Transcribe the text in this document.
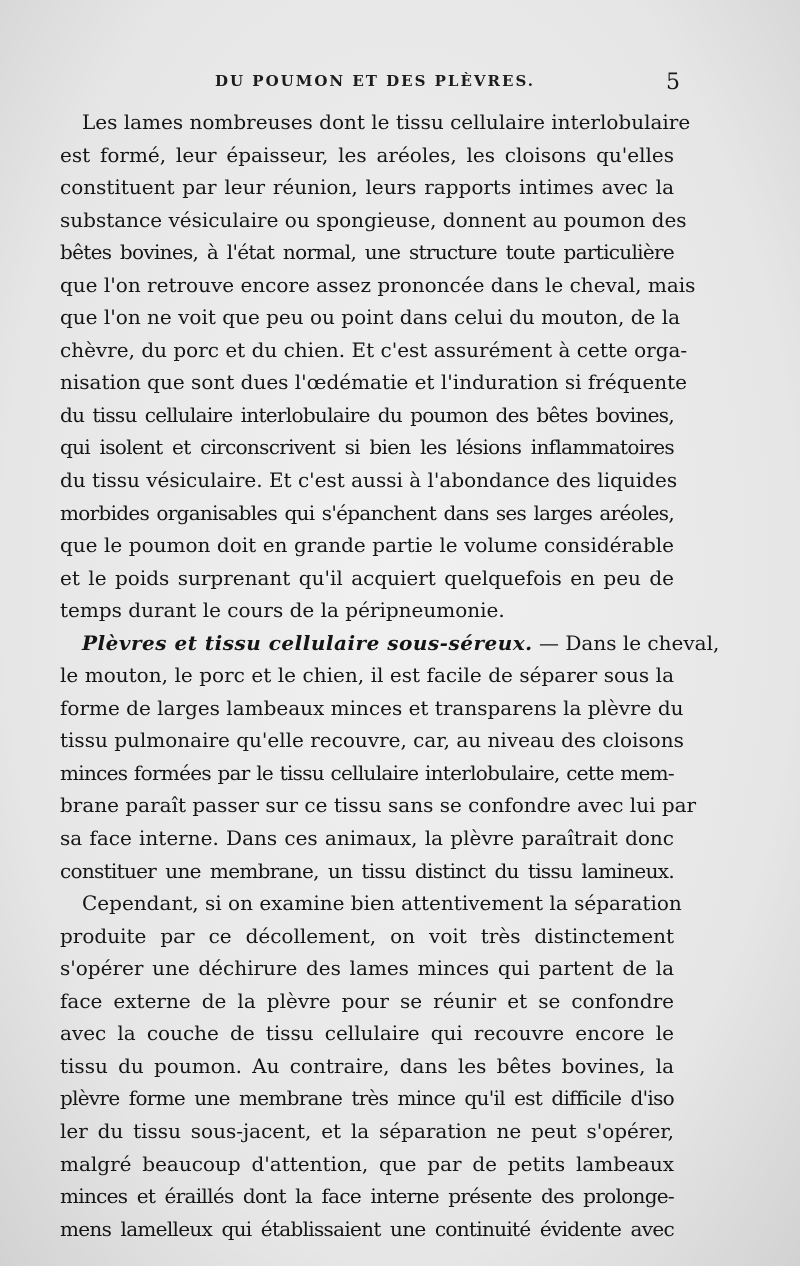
DU POUMON ET DES PLÈVRES.	5
Les lames nombreuses dont le tissu cellulaire interlobulaire
est formé, leur épaisseur, les aréoles, les cloisons qu'elles
constituent par leur réunion, leurs rapports intimes avec la
substance vésiculaire ou spongieuse, donnent au poumon des
bêtes bovines, à l'état normal, une structure toute particulière
que l'on retrouve encore assez prononcée dans le cheval, mais
que l'on ne voit que peu ou point dans celui du mouton, de la
chèvre, du porc et du chien. Et c'est assurément à cette orga-
nisation que sont dues l'œdématie et l'induration si fréquente
du tissu cellulaire interlobulaire du poumon des bêtes bovines,
qui isolent et circonscrivent si bien les lésions inflammatoires
du tissu vésiculaire. Et c'est aussi à l'abondance des liquides
morbides organisables qui s'épanchent dans ses larges aréoles,
que le poumon doit en grande partie le volume considérable
et le poids surprenant qu'il acquiert quelquefois en peu de
temps durant le cours de la péripneumonie.
Plèvres et tissu cellulaire sous-séreux. — Dans le cheval,
le mouton, le porc et le chien, il est facile de séparer sous la
forme de larges lambeaux minces et transparens la plèvre du
tissu pulmonaire qu'elle recouvre, car, au niveau des cloisons
minces formées par le tissu cellulaire interlobulaire, cette mem-
brane paraît passer sur ce tissu sans se confondre avec lui par
sa face interne. Dans ces animaux, la plèvre paraîtrait donc
constituer une membrane, un tissu distinct du tissu lamineux.
Cependant, si on examine bien attentivement la séparation
produite par ce décollement, on voit très distinctement
s'opérer une déchirure des lames minces qui partent de la
face externe de la plèvre pour se réunir et se confondre
avec la couche de tissu cellulaire qui recouvre encore le
tissu du poumon. Au contraire, dans les bêtes bovines, la
plèvre forme une membrane très mince qu'il est difficile d'iso
ler du tissu sous-jacent, et la séparation ne peut s'opérer,
malgré beaucoup d'attention, que par de petits lambeaux
minces et éraillés dont la face interne présente des prolonge-
mens lamelleux qui établissaient une continuité évidente avec
